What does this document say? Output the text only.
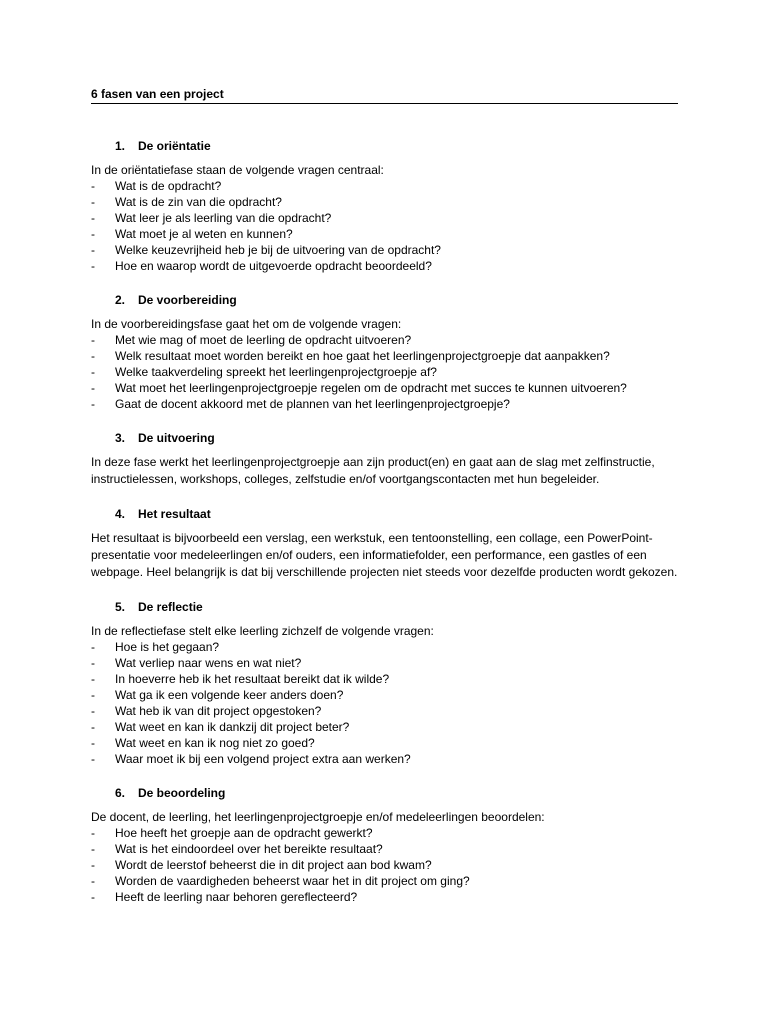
6 fasen van een project
1.	De oriëntatie
In de oriëntatiefase staan de volgende vragen centraal:
- Wat is de opdracht?
- Wat is de zin van die opdracht?
- Wat leer je als leerling van die opdracht?
- Wat moet je al weten en kunnen?
- Welke keuzevrijheid heb je bij de uitvoering van de opdracht?
- Hoe en waarop wordt de uitgevoerde opdracht beoordeeld?
2.	De voorbereiding
In de voorbereidingsfase gaat het om de volgende vragen:
- Met wie mag of moet de leerling de opdracht uitvoeren?
- Welk resultaat moet worden bereikt en hoe gaat het leerlingenprojectgroepje dat aanpakken?
- Welke taakverdeling spreekt het leerlingenprojectgroepje af?
- Wat moet het leerlingenprojectgroepje regelen om de opdracht met succes te kunnen uitvoeren?
- Gaat de docent akkoord met de plannen van het leerlingenprojectgroepje?
3.	De uitvoering
In deze fase werkt het leerlingenprojectgroepje aan zijn product(en) en gaat aan de slag met zelfinstructie,
instructielessen, workshops, colleges, zelfstudie en/of voortgangscontacten met hun begeleider.
4.	Het resultaat
Het resultaat is bijvoorbeeld een verslag, een werkstuk, een tentoonstelling, een collage, een PowerPoint-
presentatie voor medeleerlingen en/of ouders, een informatiefolder, een performance, een gastles of een
webpage. Heel belangrijk is dat bij verschillende projecten niet steeds voor dezelfde producten wordt gekozen.
5.	De reflectie
In de reflectiefase stelt elke leerling zichzelf de volgende vragen:
- Hoe is het gegaan?
- Wat verliep naar wens en wat niet?
- In hoeverre heb ik het resultaat bereikt dat ik wilde?
- Wat ga ik een volgende keer anders doen?
- Wat heb ik van dit project opgestoken?
- Wat weet en kan ik dankzij dit project beter?
- Wat weet en kan ik nog niet zo goed?
- Waar moet ik bij een volgend project extra aan werken?
6.	De beoordeling
De docent, de leerling, het leerlingenprojectgroepje en/of medeleerlingen beoordelen:
- Hoe heeft het groepje aan de opdracht gewerkt?
- Wat is het eindoordeel over het bereikte resultaat?
- Wordt de leerstof beheerst die in dit project aan bod kwam?
- Worden de vaardigheden beheerst waar het in dit project om ging?
- Heeft de leerling naar behoren gereflecteerd?
